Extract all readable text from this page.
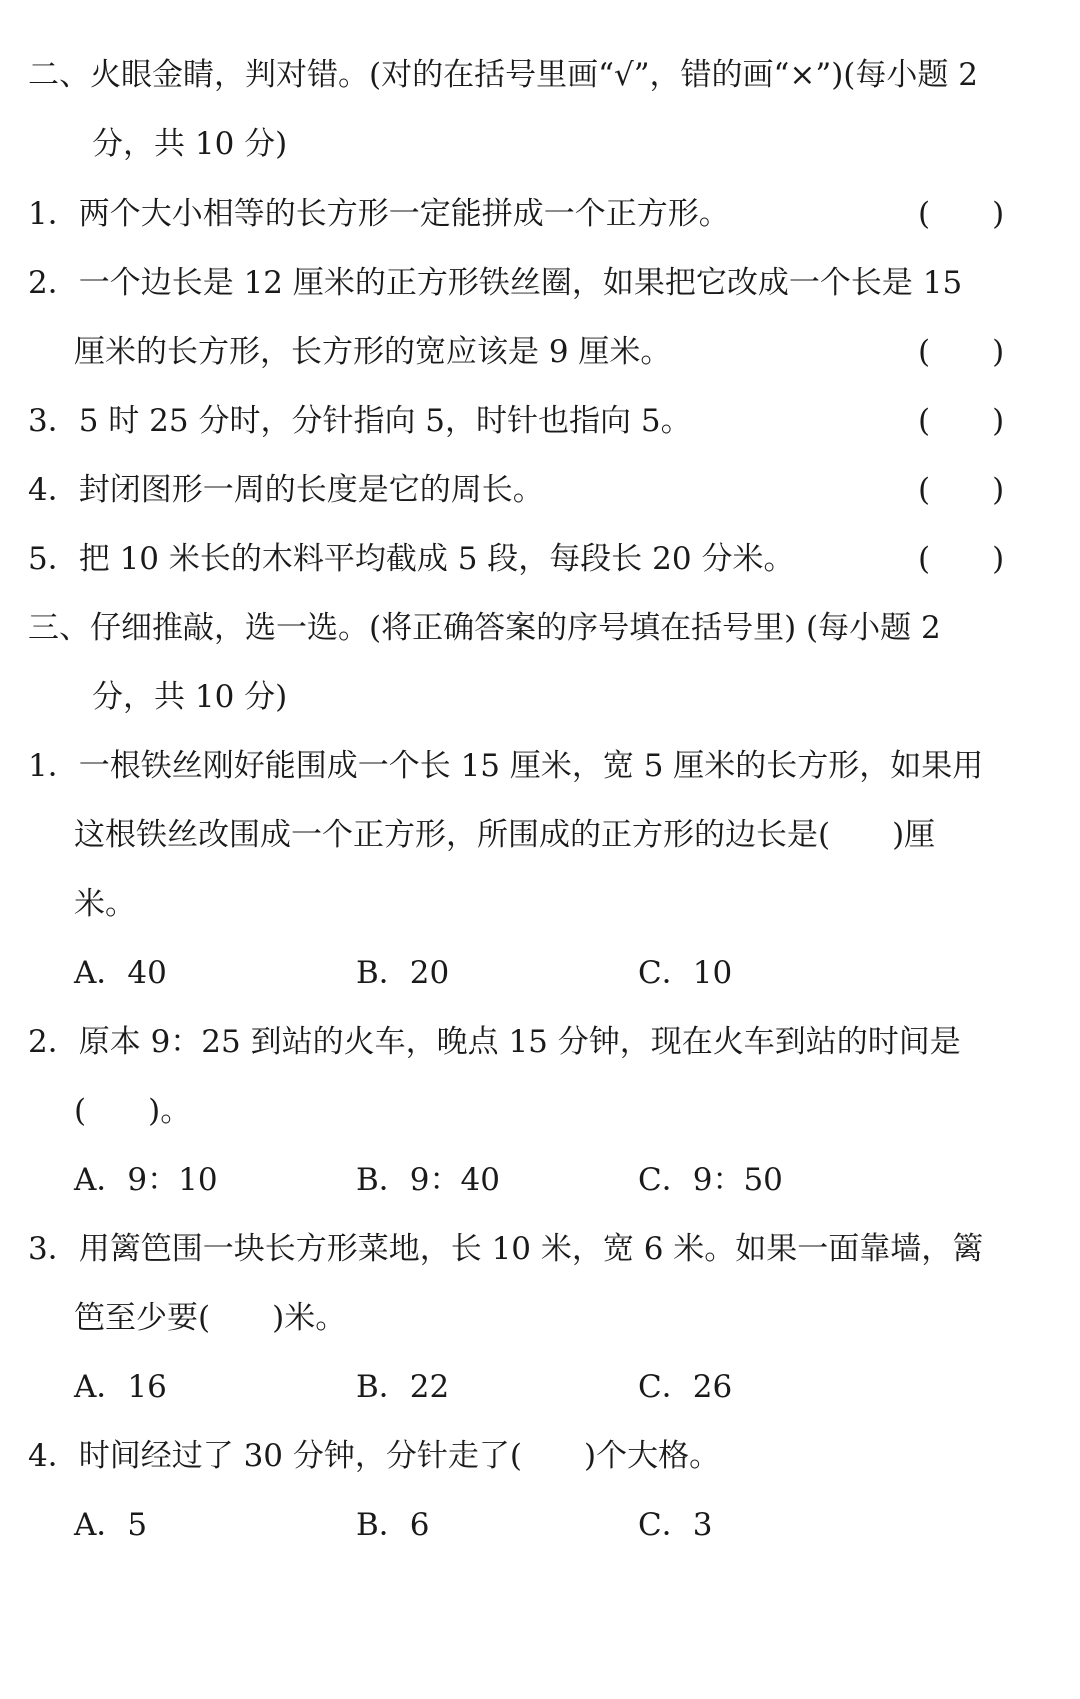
二、火眼金睛，判对错。(对的在括号里画“√”，错的画“×”)(每小题 2
分，共 10 分)
1．两个大小相等的长方形一定能拼成一个正方形。	(　　)
2．一个边长是 12 厘米的正方形铁丝圈，如果把它改成一个长是 15
厘米的长方形，长方形的宽应该是 9 厘米。	(　　)
3．5 时 25 分时，分针指向 5，时针也指向 5。	(　　)
4．封闭图形一周的长度是它的周长。	(　　)
5．把 10 米长的木料平均截成 5 段，每段长 20 分米。	(　　)
三、仔细推敲，选一选。(将正确答案的序号填在括号里) (每小题 2
分，共 10 分)
1．一根铁丝刚好能围成一个长 15 厘米，宽 5 厘米的长方形，如果用
这根铁丝改围成一个正方形，所围成的正方形的边长是(　　)厘
米。
A．40	B．20	C．10
2．原本 9：25 到站的火车，晚点 15 分钟，现在火车到站的时间是
(　　)。
A．9：10	B．9：40	C．9：50
3．用篱笆围一块长方形菜地，长 10 米，宽 6 米。如果一面靠墙，篱
笆至少要(　　)米。
A．16	B．22	C．26
4．时间经过了 30 分钟，分针走了(　　)个大格。
A．5	B．6	C．3
